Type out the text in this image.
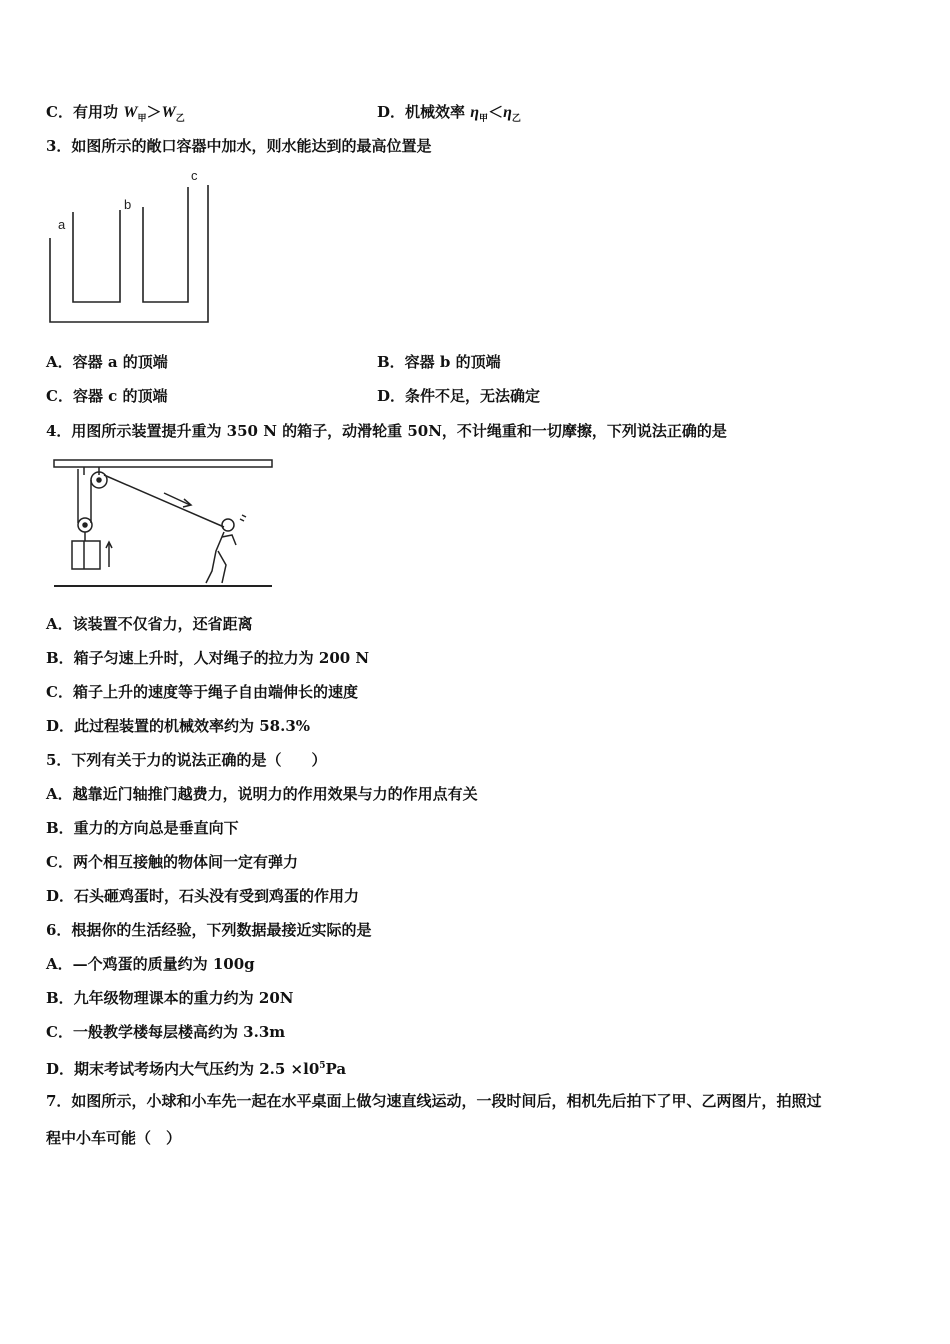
C．有用功 $W_甲>W_乙$	D．机械效率 $\eta_甲<\eta_乙$
3．如图所示的敞口容器中加水，则水能达到的最高位置是
a
b
c
A．容器 a 的顶端	B．容器 b 的顶端
C．容器 c 的顶端	D．条件不足，无法确定
4．用图所示装置提升重为 350 N 的箱子，动滑轮重 50N，不计绳重和一切摩擦，下列说法正确的是
A．该装置不仅省力，还省距离
B．箱子匀速上升时，人对绳子的拉力为 200 N
C．箱子上升的速度等于绳子自由端伸长的速度
D．此过程装置的机械效率约为 58.3%
5．下列有关于力的说法正确的是（　　）
A．越靠近门轴推门越费力，说明力的作用效果与力的作用点有关
B．重力的方向总是垂直向下
C．两个相互接触的物体间一定有弹力
D．石头砸鸡蛋时，石头没有受到鸡蛋的作用力
6．根据你的生活经验，下列数据最接近实际的是
A．—个鸡蛋的质量约为 100g
B．九年级物理课本的重力约为 20N
C．一般教学楼每层楼高约为 3.3m
D．期末考试考场内大气压约为 $2.5 \times l0^5Pa$
7．如图所示，小球和小车先一起在水平桌面上做匀速直线运动，一段时间后，相机先后拍下了甲、乙两图片，拍照过
程中小车可能（　）
